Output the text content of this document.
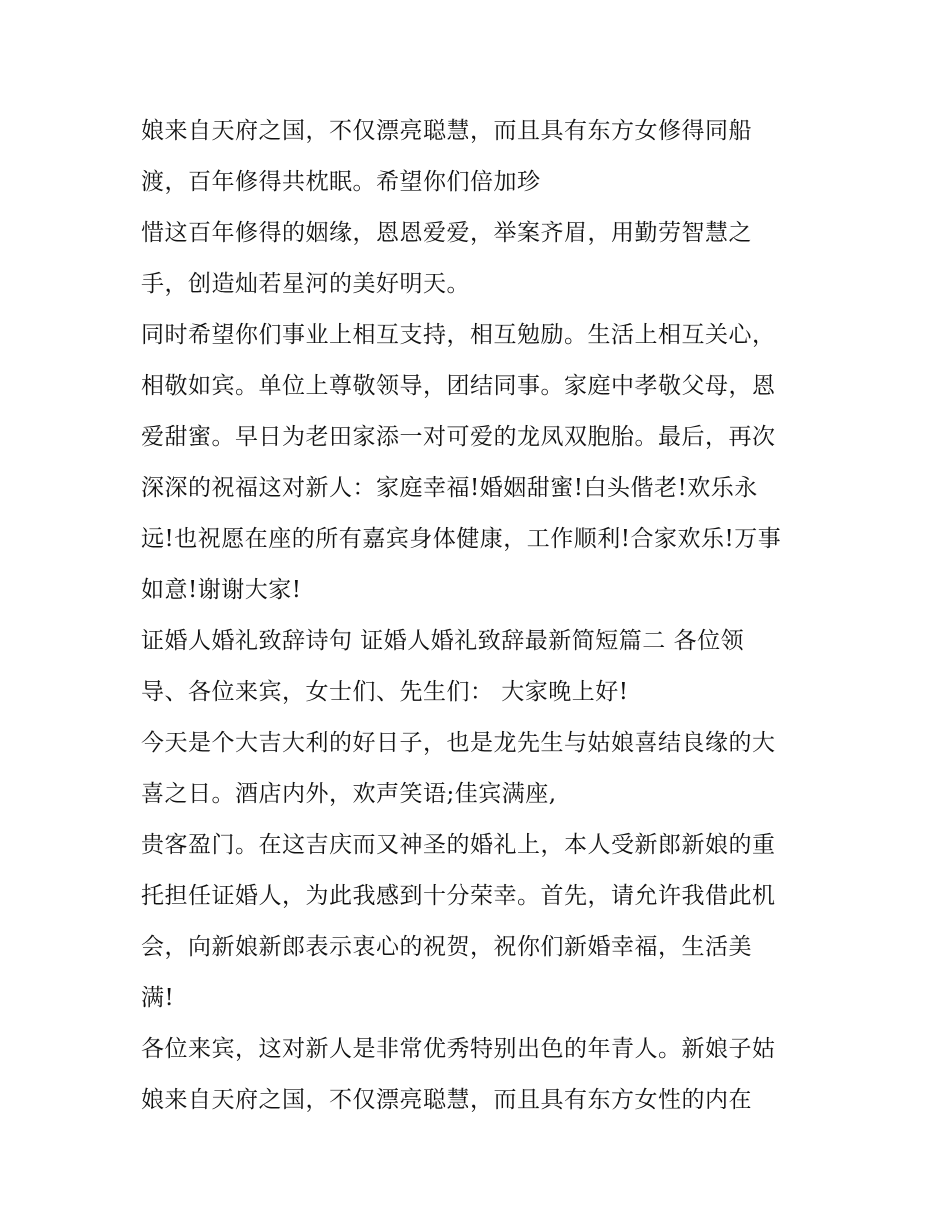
娘来自天府之国，不仅漂亮聪慧，而且具有东方女修得同船
渡，百年修得共枕眠。希望你们倍加珍
惜这百年修得的姻缘，恩恩爱爱，举案齐眉，用勤劳智慧之
手，创造灿若星河的美好明天。
同时希望你们事业上相互支持，相互勉励。生活上相互关心，
相敬如宾。单位上尊敬领导，团结同事。家庭中孝敬父母，恩
爱甜蜜。早日为老田家添一对可爱的龙凤双胞胎。最后，再次
深深的祝福这对新人：家庭幸福!婚姻甜蜜!白头偕老!欢乐永
远!也祝愿在座的所有嘉宾身体健康，工作顺利!合家欢乐!万事
如意!谢谢大家!
证婚人婚礼致辞诗句 证婚人婚礼致辞最新简短篇二 各位领
导、各位来宾，女士们、先生们： 大家晚上好!
今天是个大吉大利的好日子，也是龙先生与姑娘喜结良缘的大
喜之日。酒店内外，欢声笑语;佳宾满座,
贵客盈门。在这吉庆而又神圣的婚礼上，本人受新郎新娘的重
托担任证婚人，为此我感到十分荣幸。首先，请允许我借此机
会，向新娘新郎表示衷心的祝贺，祝你们新婚幸福，生活美
满!
各位来宾，这对新人是非常优秀特别出色的年青人。新娘子姑
娘来自天府之国，不仅漂亮聪慧，而且具有东方女性的内在
